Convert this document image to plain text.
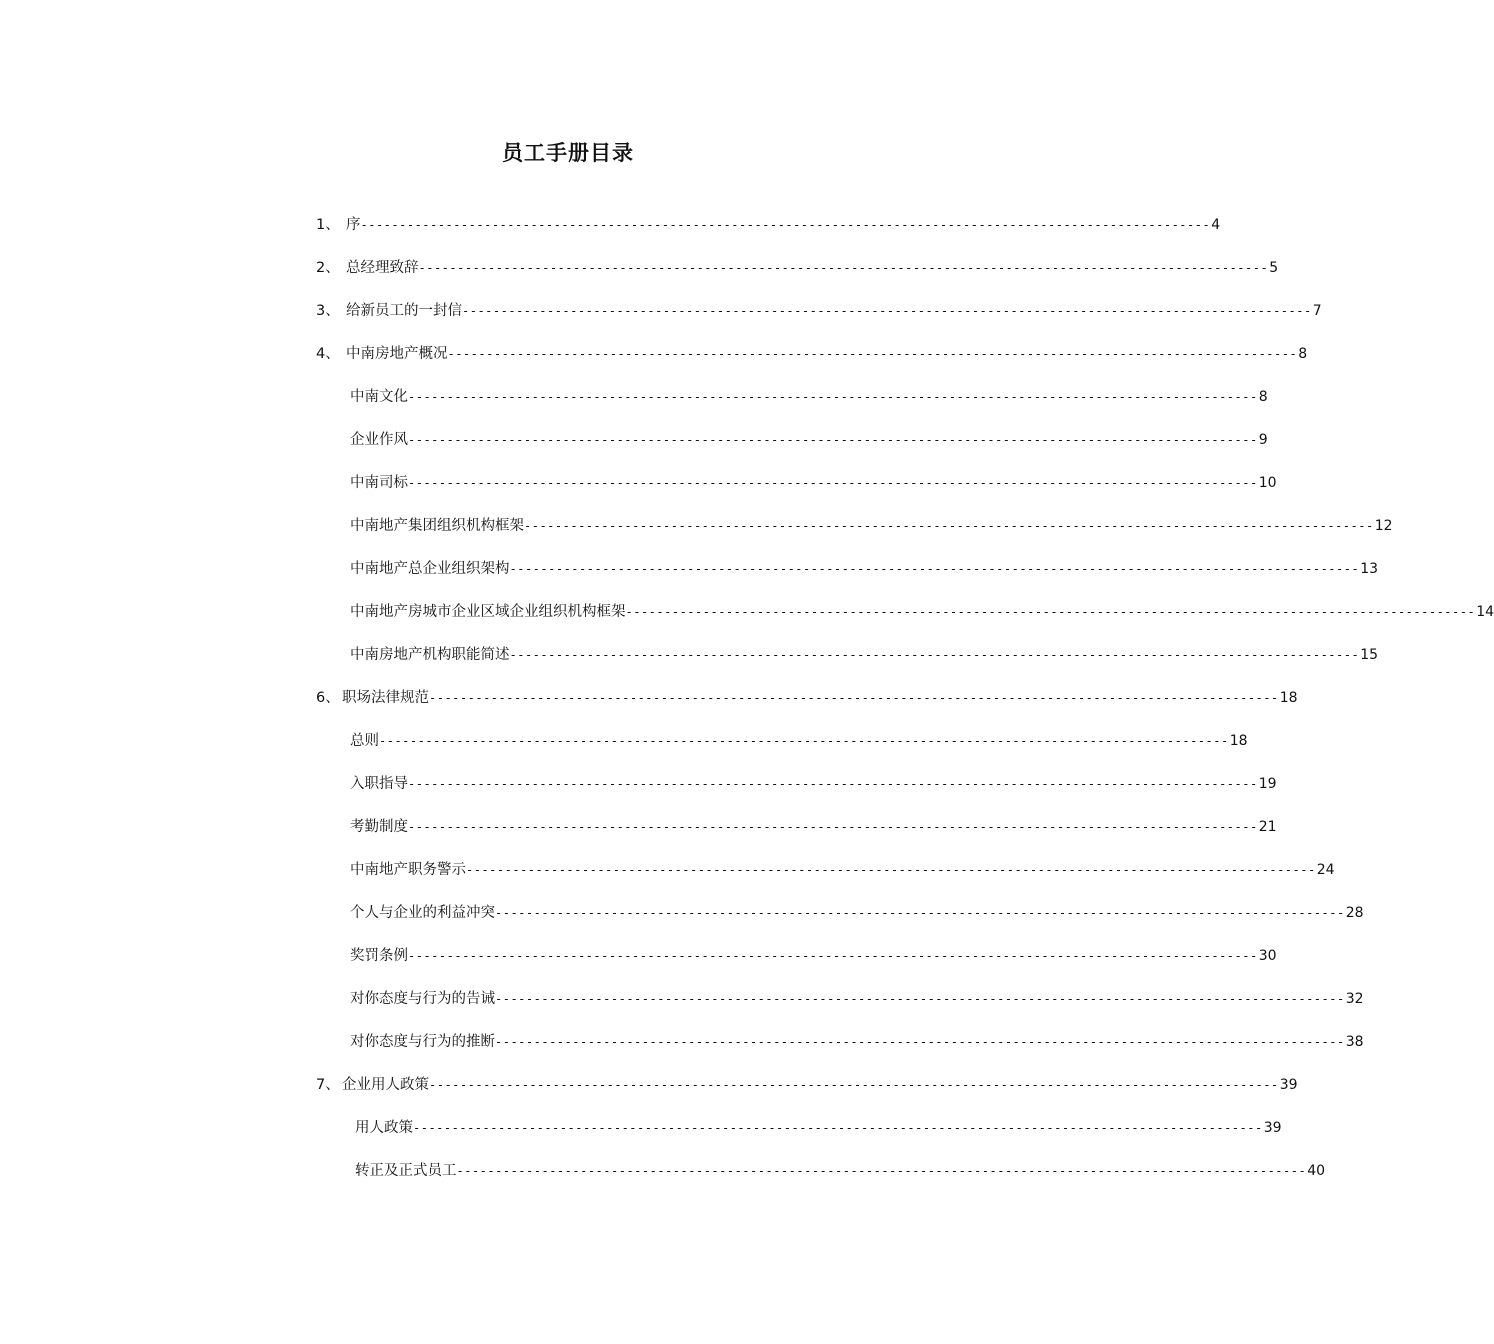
员工手册目录
1、 序 -------------------------------------------------------------------------------------------------------------- 4
2、 总经理致辞 -------------------------------------------------------------------------------------------------------------- 5
3、 给新员工的一封信 -------------------------------------------------------------------------------------------------------------- 7
4、 中南房地产概况 -------------------------------------------------------------------------------------------------------------- 8
中南文化 -------------------------------------------------------------------------------------------------------------- 8
企业作风 -------------------------------------------------------------------------------------------------------------- 9
中南司标 -------------------------------------------------------------------------------------------------------------- 10
中南地产集团组织机构框架 -------------------------------------------------------------------------------------------------------------- 12
中南地产总企业组织架构 -------------------------------------------------------------------------------------------------------------- 13
中南地产房城市企业区域企业组织机构框架 -------------------------------------------------------------------------------------------------------------- 14
中南房地产机构职能简述 -------------------------------------------------------------------------------------------------------------- 15
6、 职场法律规范 -------------------------------------------------------------------------------------------------------------- 18
总则 -------------------------------------------------------------------------------------------------------------- 18
入职指导 -------------------------------------------------------------------------------------------------------------- 19
考勤制度 -------------------------------------------------------------------------------------------------------------- 21
中南地产职务警示 -------------------------------------------------------------------------------------------------------------- 24
个人与企业的利益冲突 -------------------------------------------------------------------------------------------------------------- 28
奖罚条例 -------------------------------------------------------------------------------------------------------------- 30
对你态度与行为的告诫 -------------------------------------------------------------------------------------------------------------- 32
对你态度与行为的推断 -------------------------------------------------------------------------------------------------------------- 38
7、 企业用人政策 -------------------------------------------------------------------------------------------------------------- 39
用人政策 -------------------------------------------------------------------------------------------------------------- 39
转正及正式员工 -------------------------------------------------------------------------------------------------------------- 40
